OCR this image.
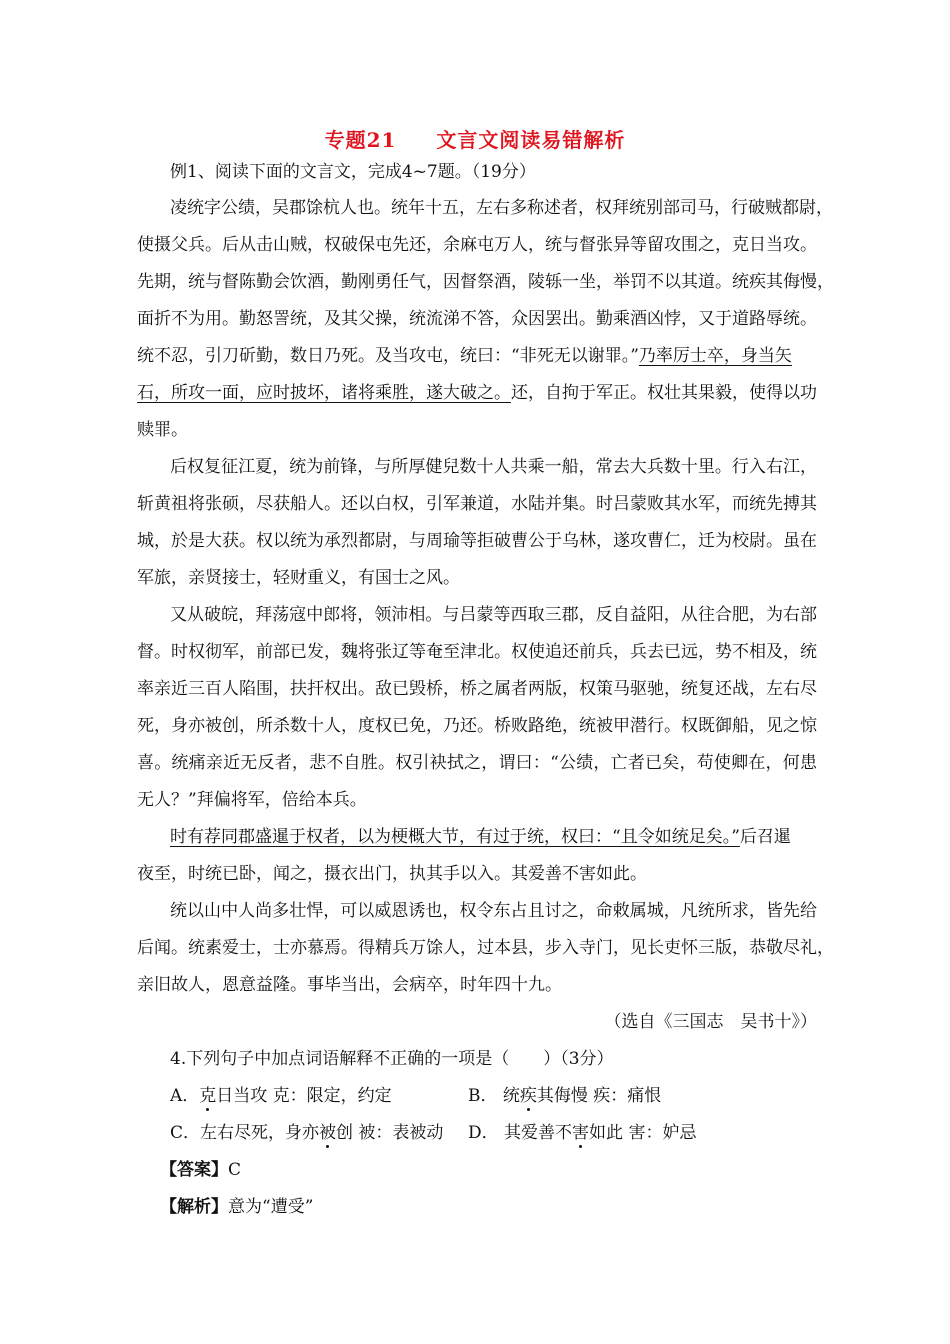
专题21 文言文阅读易错解析
例1、阅读下面的文言文，完成4~7题。（19分）
凌统字公绩，吴郡馀杭人也。统年十五，左右多称述者，权拜统别部司马，行破贼都尉，
使摄父兵。后从击山贼，权破保屯先还，余麻屯万人，统与督张异等留攻围之，克日当攻。
先期，统与督陈勤会饮酒，勤刚勇任气，因督祭酒，陵轹一坐，举罚不以其道。统疾其侮慢，
面折不为用。勤怒詈统，及其父操，统流涕不答，众因罢出。勤乘酒凶悖，又于道路辱统。
统不忍，引刀斫勤，数日乃死。及当攻屯，统曰：“非死无以谢罪。”乃率厉士卒，身当矢
石，所攻一面，应时披坏，诸将乘胜，遂大破之。还，自拘于军正。权壮其果毅，使得以功
赎罪。
后权复征江夏，统为前锋，与所厚健兒数十人共乘一船，常去大兵数十里。行入右江，
斩黄祖将张硕，尽获船人。还以白权，引军兼道，水陆并集。时吕蒙败其水军，而统先搏其
城，於是大获。权以统为承烈都尉，与周瑜等拒破曹公于乌林，遂攻曹仁，迁为校尉。虽在
军旅，亲贤接士，轻财重义，有国士之风。
又从破皖，拜荡寇中郎将，领沛相。与吕蒙等西取三郡，反自益阳，从往合肥，为右部
督。时权彻军，前部已发，魏将张辽等奄至津北。权使追还前兵，兵去已远，势不相及，统
率亲近三百人陷围，扶扞权出。敌已毁桥，桥之属者两版，权策马驱驰，统复还战，左右尽
死，身亦被创，所杀数十人，度权已免，乃还。桥败路绝，统被甲潜行。权既御船，见之惊
喜。统痛亲近无反者，悲不自胜。权引袂拭之，谓曰：“公绩，亡者已矣，苟使卿在，何患
无人？”拜偏将军，倍给本兵。
时有荐同郡盛暹于权者，以为梗概大节，有过于统，权曰：“且令如统足矣。”后召暹
夜至，时统已卧，闻之，摄衣出门，执其手以入。其爱善不害如此。
统以山中人尚多壮悍，可以威恩诱也，权令东占且讨之，命敕属城，凡统所求，皆先给
后闻。统素爱士，士亦慕焉。得精兵万馀人，过本县，步入寺门，见长吏怀三版，恭敬尽礼，
亲旧故人，恩意益隆。事毕当出，会病卒，时年四十九。
（选自《三国志　吴书十》）
4.下列句子中加点词语解释不正确的一项是（　　）（3分）
A．克日当攻 克：限定，约定	B． 统疾其侮慢 疾：痛恨
C．左右尽死，身亦被创 被：表被动 D． 其爱善不害如此 害：妒忌
【答案】C
【解析】意为“遭受”
